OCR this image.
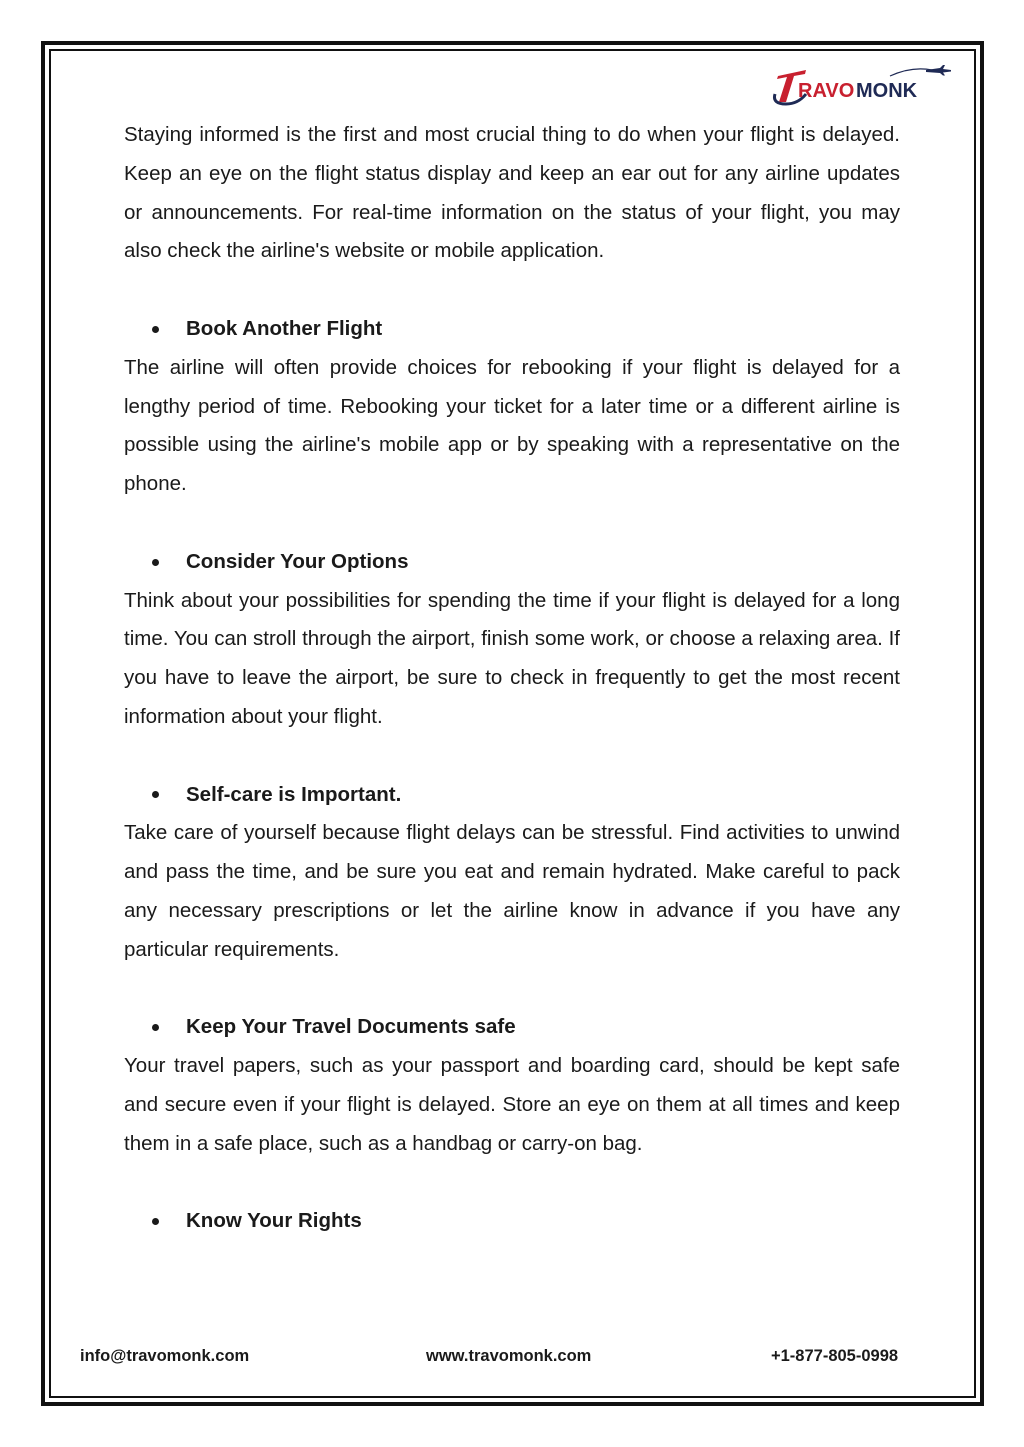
RAVO MONK

Staying informed is the first and most crucial thing to do when your flight is delayed. Keep an eye on the flight status display and keep an ear out for any airline updates or announcements. For real-time information on the status of your flight, you may also check the airline's website or mobile application.

Book Another Flight

The airline will often provide choices for rebooking if your flight is delayed for a lengthy period of time. Rebooking your ticket for a later time or a different airline is possible using the airline's mobile app or by speaking with a representative on the phone.

Consider Your Options

Think about your possibilities for spending the time if your flight is delayed for a long time. You can stroll through the airport, finish some work, or choose a relaxing area. If you have to leave the airport, be sure to check in frequently to get the most recent information about your flight.

Self-care is Important.

Take care of yourself because flight delays can be stressful. Find activities to unwind and pass the time, and be sure you eat and remain hydrated. Make careful to pack any necessary prescriptions or let the airline know in advance if you have any particular requirements.

Keep Your Travel Documents safe

Your travel papers, such as your passport and boarding card, should be kept safe and secure even if your flight is delayed. Store an eye on them at all times and keep them in a safe place, such as a handbag or carry-on bag.

Know Your Rights
info@travomonk.com	www.travomonk.com	+1-877-805-0998
